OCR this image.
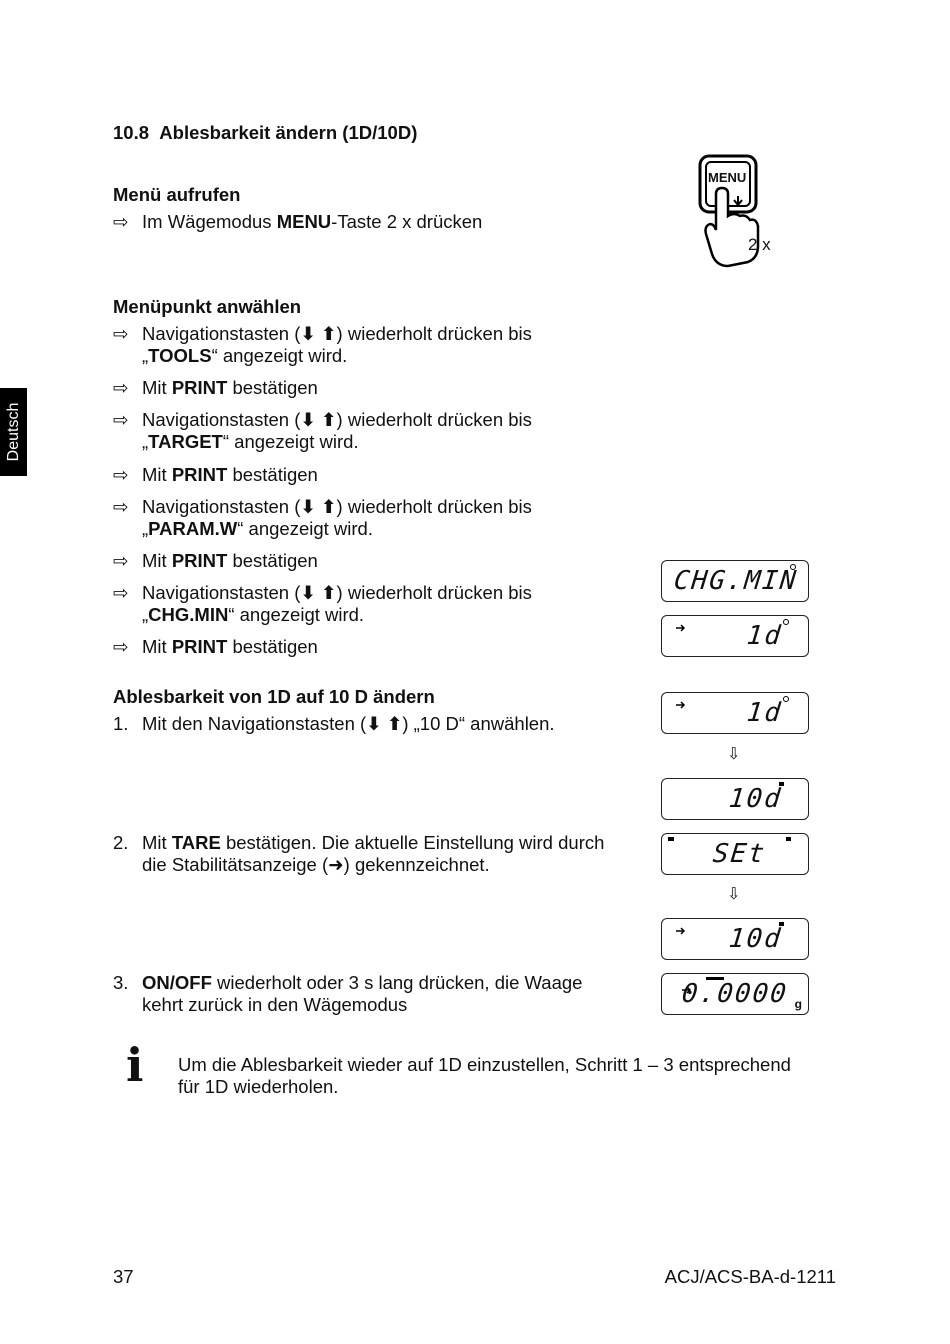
Deutsch
10.8 Ablesbarkeit ändern (1D/10D)
Menü aufrufen
⇨ Im Wägemodus MENU-Taste 2 x drücken
MENU
2 x
Menüpunkt anwählen
⇨ Navigationstasten (⬇ ⬆) wiederholt drücken bis
„TOOLS“ angezeigt wird.
⇨ Mit PRINT bestätigen
⇨ Navigationstasten (⬇ ⬆) wiederholt drücken bis
„TARGET“ angezeigt wird.
⇨ Mit PRINT bestätigen
⇨ Navigationstasten (⬇ ⬆) wiederholt drücken bis
„PARAM.W“ angezeigt wird.
⇨ Mit PRINT bestätigen
⇨ Navigationstasten (⬇ ⬆) wiederholt drücken bis
„CHG.MIN“ angezeigt wird.
⇨ Mit PRINT bestätigen
Ablesbarkeit von 1D auf 10 D ändern
1. Mit den Navigationstasten (⬇ ⬆) „10 D“ anwählen.
2. Mit TARE bestätigen. Die aktuelle Einstellung wird durch
die Stabilitätsanzeige (➜) gekennzeichnet.
3. ON/OFF wiederholt oder 3 s lang drücken, die Waage
kehrt zurück in den Wägemodus
CHG.MIN
1d
1d
⇩
10d
SEt
⇩
10d
0.0000 g
i Um die Ablesbarkeit wieder auf 1D einzustellen, Schritt 1 – 3 entsprechend
für 1D wiederholen.
37	ACJ/ACS-BA-d-1211
